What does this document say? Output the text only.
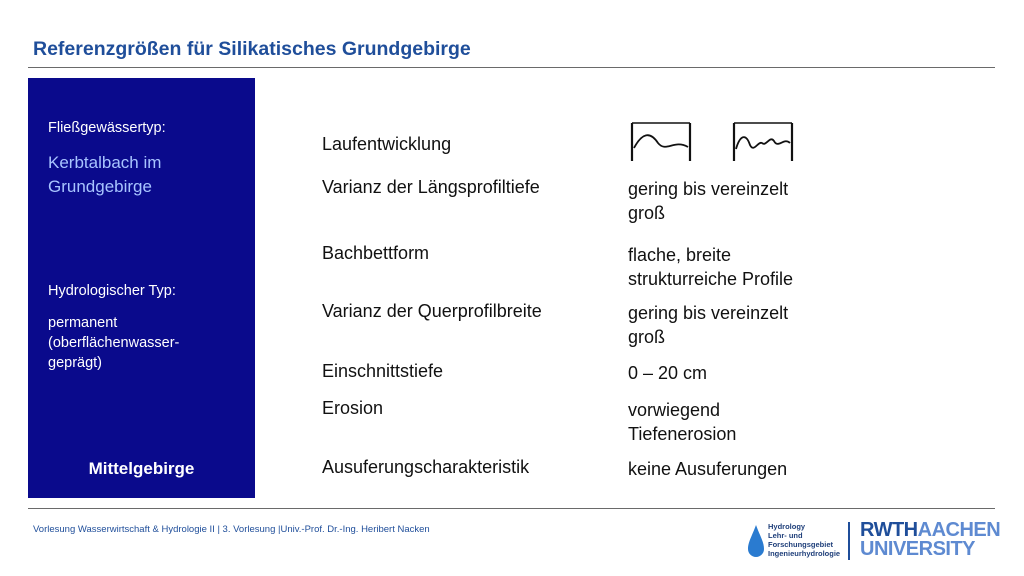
Referenzgrößen für Silikatisches Grundgebirge
Fließgewässertyp:
Kerbtalbach im
Grundgebirge
Hydrologischer Typ:
permanent
(oberflächenwasser-
geprägt)
Mittelgebirge
Laufentwicklung
Varianz der Längsprofiltiefe	gering bis vereinzelt
groß
Bachbettform	flache, breite
strukturreiche Profile
Varianz der Querprofilbreite	gering bis vereinzelt
groß
Einschnittstiefe	0 – 20 cm
Erosion	vorwiegend
Tiefenerosion
Ausuferungscharakteristik	keine Ausuferungen
Vorlesung Wasserwirtschaft & Hydrologie II | 3. Vorlesung |Univ.-Prof. Dr.-Ing. Heribert Nacken	Hydrology
Lehr- und
Forschungsgebiet
Ingenieurhydrologie
RWTHAACHEN
UNIVERSITY
